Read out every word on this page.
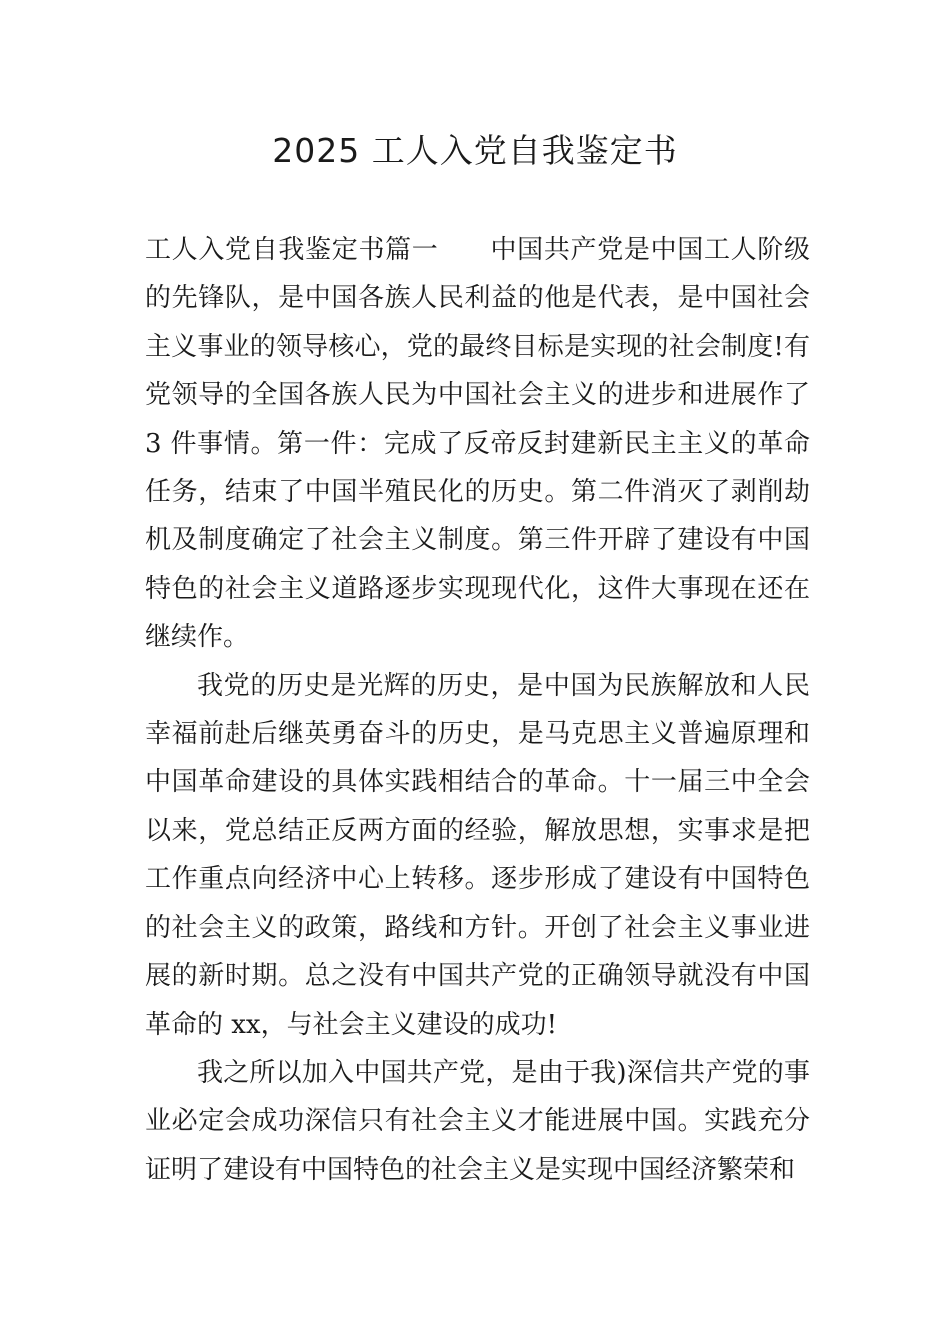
2025 工人入党自我鉴定书

工人入党自我鉴定书篇一 中国共产党是中国工人阶级的先锋队，是中国各族人民利益的他是代表，是中国社会主义事业的领导核心，党的最终目标是实现的社会制度!有党领导的全国各族人民为中国社会主义的进步和进展作了 3 件事情。第一件：完成了反帝反封建新民主主义的革命任务，结束了中国半殖民化的历史。第二件消灭了剥削劫机及制度确定了社会主义制度。第三件开辟了建设有中国特色的社会主义道路逐步实现现代化，这件大事现在还在继续作。

我党的历史是光辉的历史，是中国为民族解放和人民幸福前赴后继英勇奋斗的历史，是马克思主义普遍原理和中国革命建设的具体实践相结合的革命。十一届三中全会以来，党总结正反两方面的经验，解放思想，实事求是把工作重点向经济中心上转移。逐步形成了建设有中国特色的社会主义的政策，路线和方针。开创了社会主义事业进展的新时期。总之没有中国共产党的正确领导就没有中国革命的 xx，与社会主义建设的成功!

我之所以加入中国共产党，是由于我)深信共产党的事业必定会成功深信只有社会主义才能进展中国。实践充分证明了建设有中国特色的社会主义是实现中国经济繁荣和
